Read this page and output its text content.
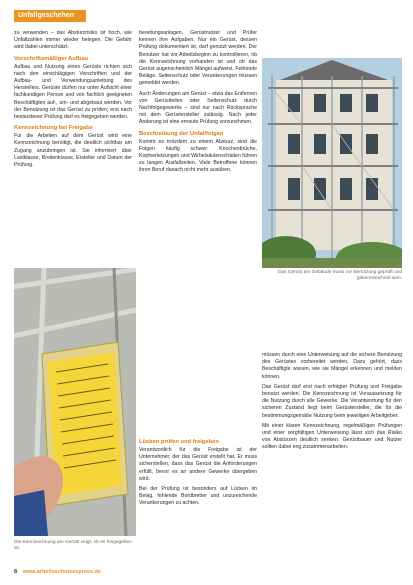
Unfallgeschehen

zu verwenden – das Absturzrisiko ist hoch, wie Unfallzahlen immer wieder belegen. Die Gefahr wird dabei unterschätzt.

Vorschriftsmäßiger Aufbau

Aufbau und Nutzung eines Gerüsts richten sich nach den einschlägigen Vorschriften und der Aufbau- und Verwendungsanleitung des Herstellers. Gerüste dürfen nur unter Aufsicht einer fachkundigen Person und von fachlich geeigneten Beschäftigten auf-, um- und abgebaut werden. Vor der Benutzung ist das Gerüst zu prüfen; erst nach bestandener Prüfung darf es freigegeben werden.

Kennzeichnung bei Freigabe

Für die Arbeiten auf dem Gerüst wird eine Kennzeichnung benötigt, die deutlich sichtbar am Zugang anzubringen ist. Sie informiert über Lastklasse, Breitenklasse, Ersteller und Datum der Prüfung.

bereitungsanlagen, Gerüstnutzer und Prüfer kennen ihre Aufgaben. Nur ein Gerüst, dessen Prüfung dokumentiert ist, darf genutzt werden. Der Benutzer hat vor Arbeitsbeginn zu kontrollieren, ob die Kennzeichnung vorhanden ist und ob das Gerüst augenscheinlich Mängel aufweist. Fehlende Beläge, Seitenschutz oder Verankerungen müssen gemeldet werden.

Auch Änderungen am Gerüst – etwa das Entfernen von Gerüstteilen oder Seitenschutz durch Nachfolgegewerke – sind nur nach Rücksprache mit dem Gerüstersteller zulässig. Nach jeder Änderung ist eine erneute Prüfung vorzunehmen.

Beschreibung der Unfallfolgen

Kommt es trotzdem zu einem Absturz, sind die Folgen häufig schwer: Knochenbrüche, Kopfverletzungen und Wirbelsäulenschäden führen zu langen Ausfallzeiten. Viele Betroffene können ihren Beruf danach nicht mehr ausüben.

Lücken prüfen und freigeben

Verantwortlich für die Freigabe ist der Unternehmer, der das Gerüst erstellt hat. Er muss sicherstellen, dass das Gerüst die Anforderungen erfüllt, bevor es an andere Gewerke übergeben wird.

Bei der Prüfung ist besonders auf Lücken im Belag, fehlende Bordbretter und unzureichende Verankerungen zu achten.

müssen durch eine Unterweisung auf die sichere Benutzung des Gerüstes vorbereitet werden. Dazu gehört, dass Beschäftigte wissen, wie sie Mängel erkennen und melden können.

Das Gerüst darf erst nach erfolgter Prüfung und Freigabe benutzt werden. Die Kennzeichnung ist Voraussetzung für die Nutzung durch alle Gewerke. Die Verantwortung für den sicheren Zustand liegt beim Gerüstersteller, die für die bestimmungsgemäße Nutzung beim jeweiligen Arbeitgeber.

Mit einer klaren Kennzeichnung, regelmäßigen Prüfungen und einer sorgfältigen Unterweisung lässt sich das Risiko von Abstürzen deutlich senken. Gerüstbauer und Nutzer sollten dabei eng zusammenarbeiten.

Das Gerüst am Gebäude muss vor Benutzung geprüft und gekennzeichnet sein.
Die Kennzeichnung am Gerüst zeigt, ob es freigegeben ist.
8 www.arbeitsschutzexpress.de
